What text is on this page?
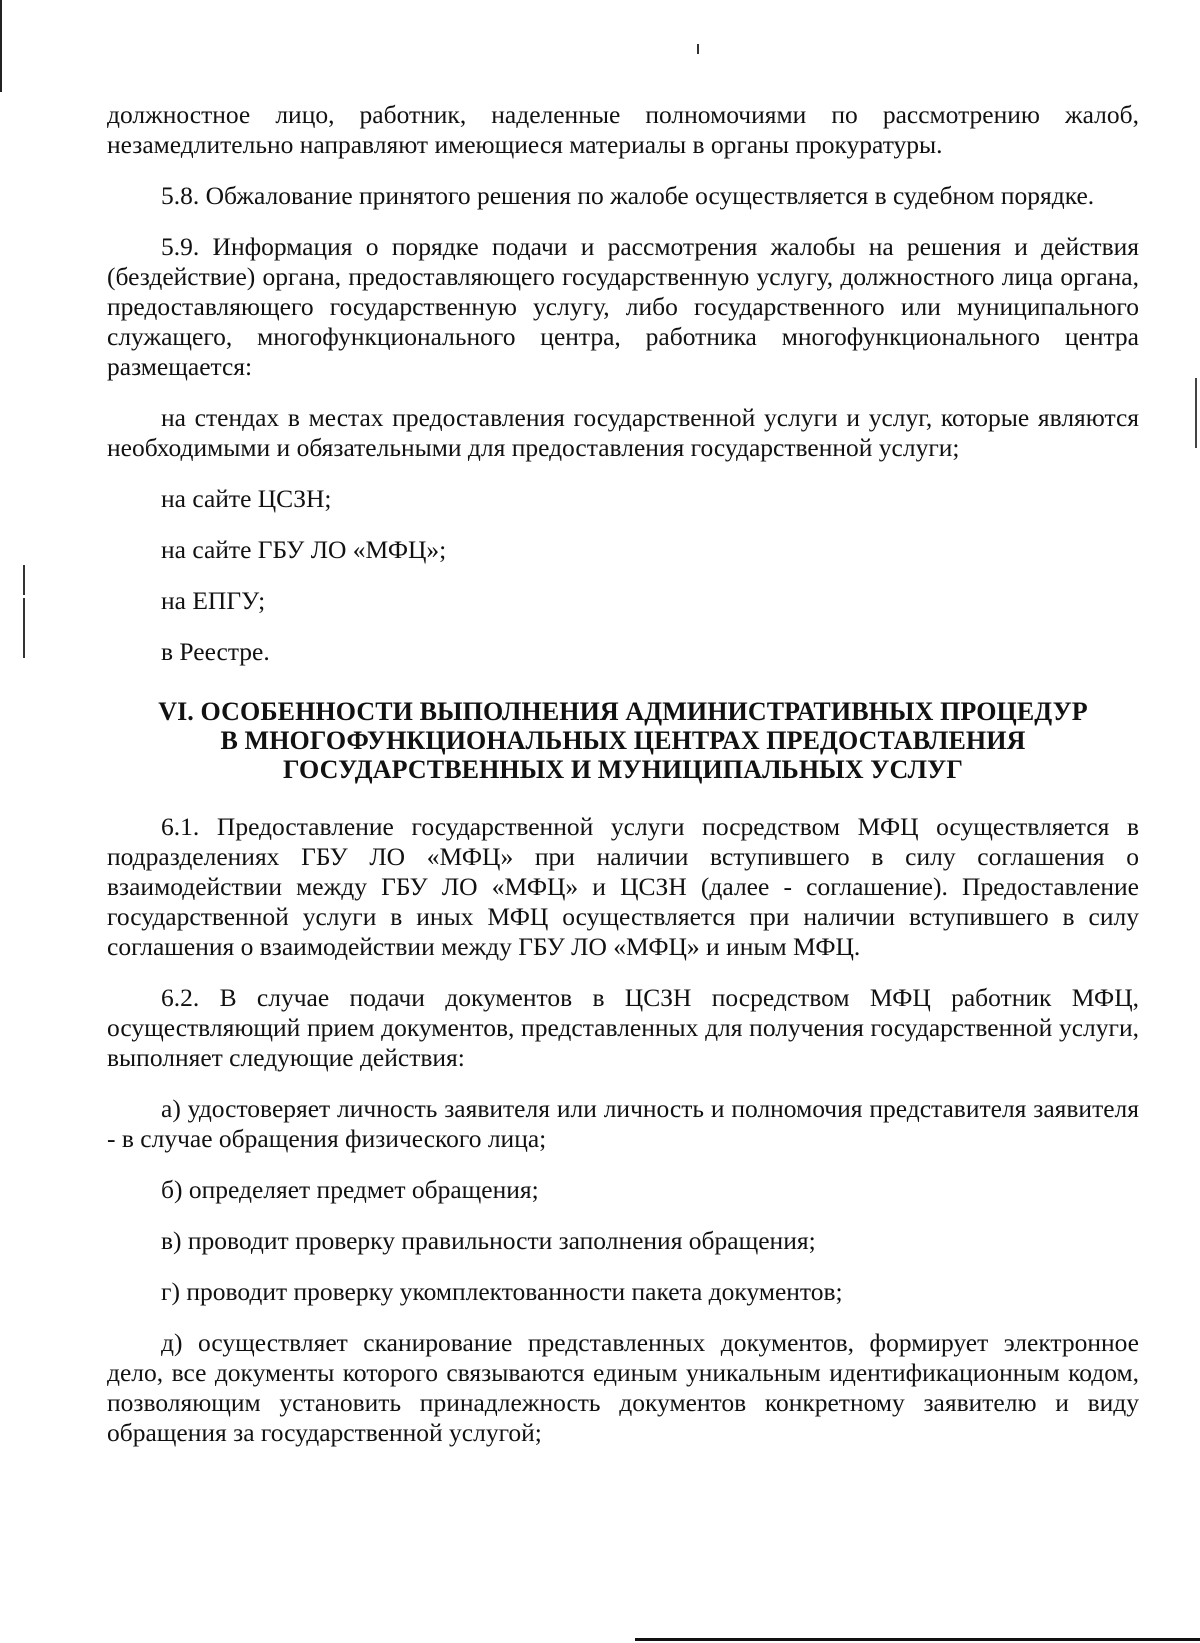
должностное лицо, работник, наделенные полномочиями по рассмотрению жалоб, незамедлительно направляют имеющиеся материалы в органы прокуратуры.

5.8. Обжалование принятого решения по жалобе осуществляется в судебном порядке.

5.9. Информация о порядке подачи и рассмотрения жалобы на решения и действия (бездействие) органа, предоставляющего государственную услугу, должностного лица органа, предоставляющего государственную услугу, либо государственного или муниципального служащего, многофункционального центра, работника многофункционального центра размещается:

на стендах в местах предоставления государственной услуги и услуг, которые являются необходимыми и обязательными для предоставления государственной услуги;

на сайте ЦСЗН;

на сайте ГБУ ЛО «МФЦ»;

на ЕПГУ;

в Реестре.

VI. ОСОБЕННОСТИ ВЫПОЛНЕНИЯ АДМИНИСТРАТИВНЫХ ПРОЦЕДУР
В МНОГОФУНКЦИОНАЛЬНЫХ ЦЕНТРАХ ПРЕДОСТАВЛЕНИЯ
ГОСУДАРСТВЕННЫХ И МУНИЦИПАЛЬНЫХ УСЛУГ

6.1. Предоставление государственной услуги посредством МФЦ осуществляется в подразделениях ГБУ ЛО «МФЦ» при наличии вступившего в силу соглашения о взаимодействии между ГБУ ЛО «МФЦ» и ЦСЗН (далее - соглашение). Предоставление государственной услуги в иных МФЦ осуществляется при наличии вступившего в силу соглашения о взаимодействии между ГБУ ЛО «МФЦ» и иным МФЦ.

6.2. В случае подачи документов в ЦСЗН посредством МФЦ работник МФЦ, осуществляющий прием документов, представленных для получения государственной услуги, выполняет следующие действия:

а) удостоверяет личность заявителя или личность и полномочия представителя заявителя - в случае обращения физического лица;

б) определяет предмет обращения;

в) проводит проверку правильности заполнения обращения;

г) проводит проверку укомплектованности пакета документов;

д) осуществляет сканирование представленных документов, формирует электронное дело, все документы которого связываются единым уникальным идентификационным кодом, позволяющим установить принадлежность документов конкретному заявителю и виду обращения за государственной услугой;
